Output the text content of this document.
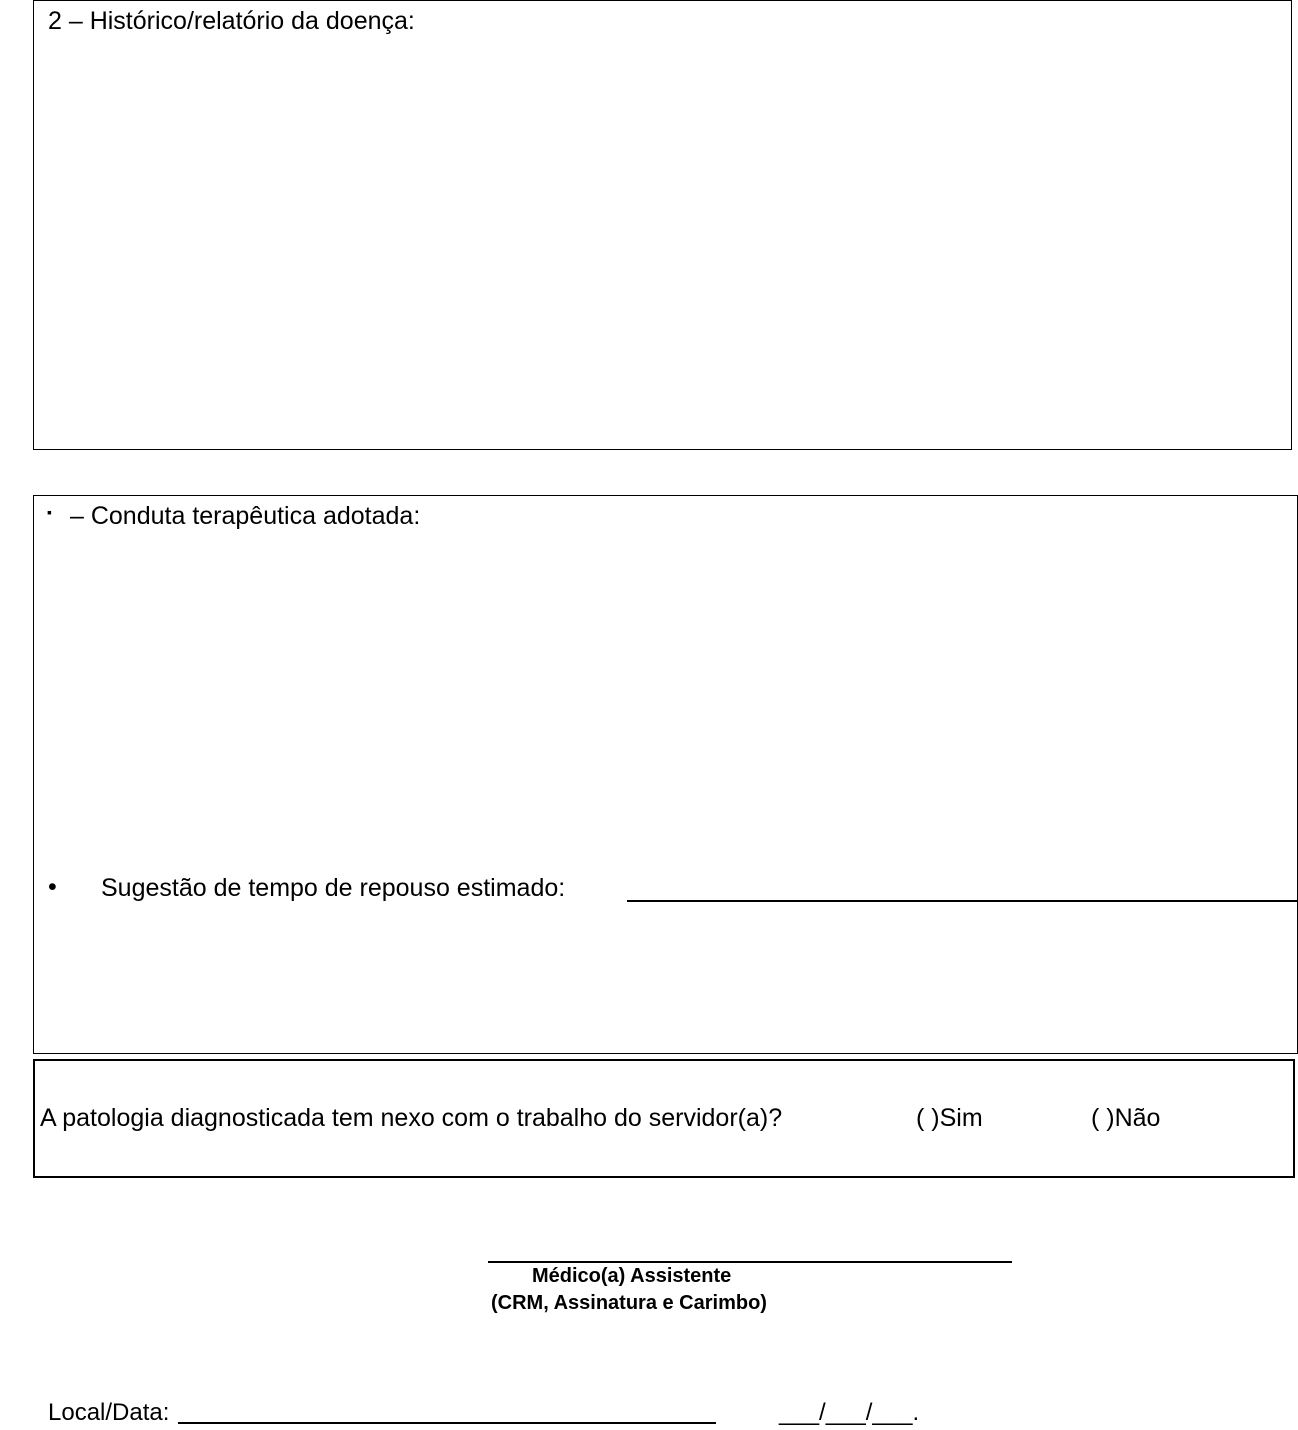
2 – Histórico/relatório da doença:
▪ – Conduta terapêutica adotada:
• Sugestão de tempo de repouso estimado:
A patologia diagnosticada tem nexo com o trabalho do servidor(a)?	( )Sim	( )Não
Médico(a) Assistente
(CRM, Assinatura e Carimbo)
Local/Data:	___/___/___.
